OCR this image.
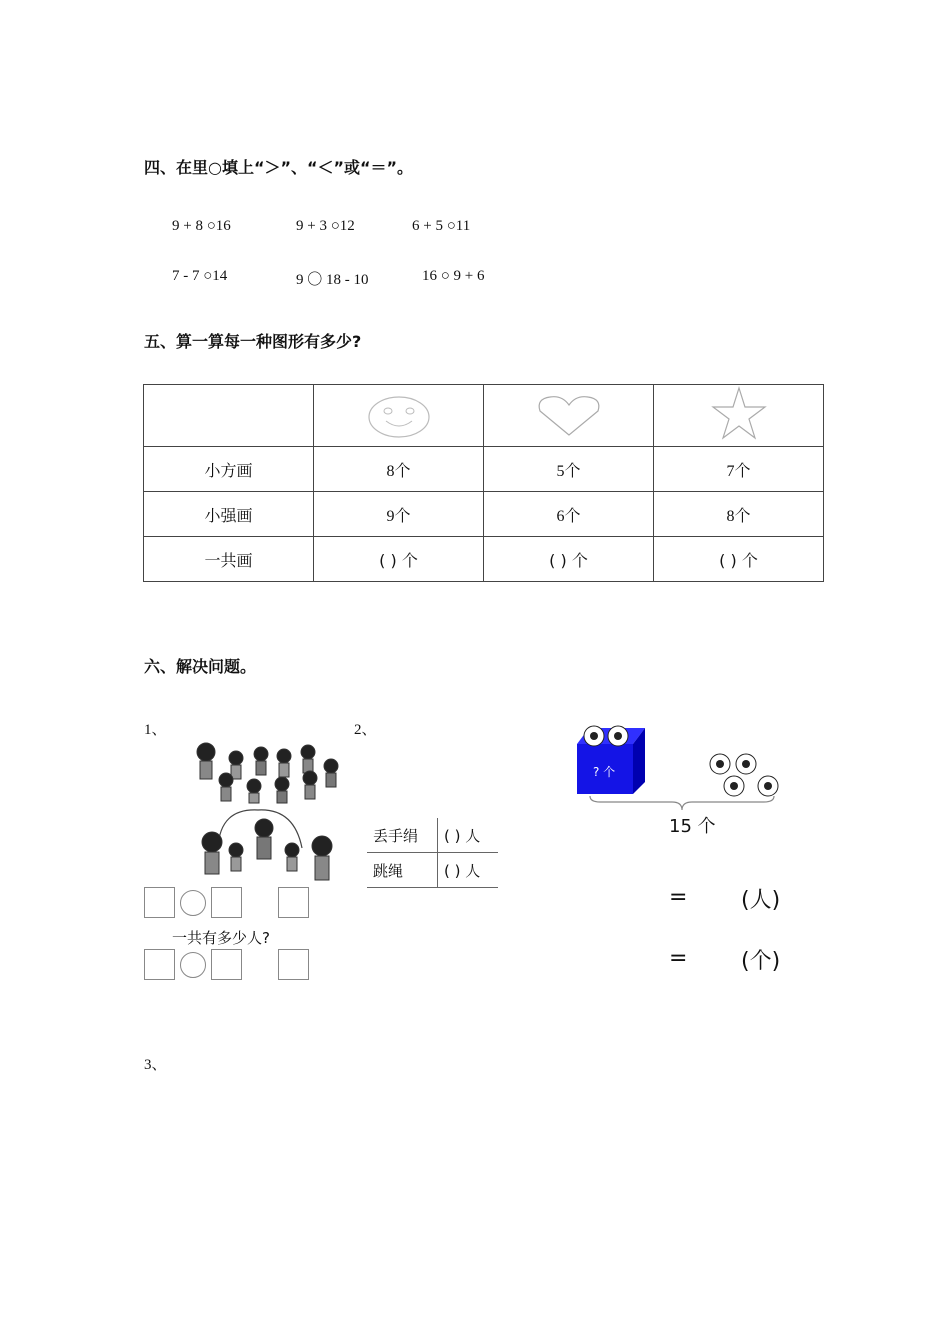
四、在里○填上“＞”、“＜”或“＝”。
9 + 8 ○16	9 + 3 ○12	6 + 5 ○11
7 - 7 ○14	9 〇 18 - 10	16 ○ 9 + 6
五、算一算每一种图形有多少?

小方画	8个	5个	7个
小强画	9个	6个	8个
一共画	( ) 个	( ) 个	( ) 个
六、解决问题。
1、
一共有多少人?
2、
丢手绢	( ) 人
跳绳	( ) 人
? 个
15 个
= (人)
= (个)
3、
